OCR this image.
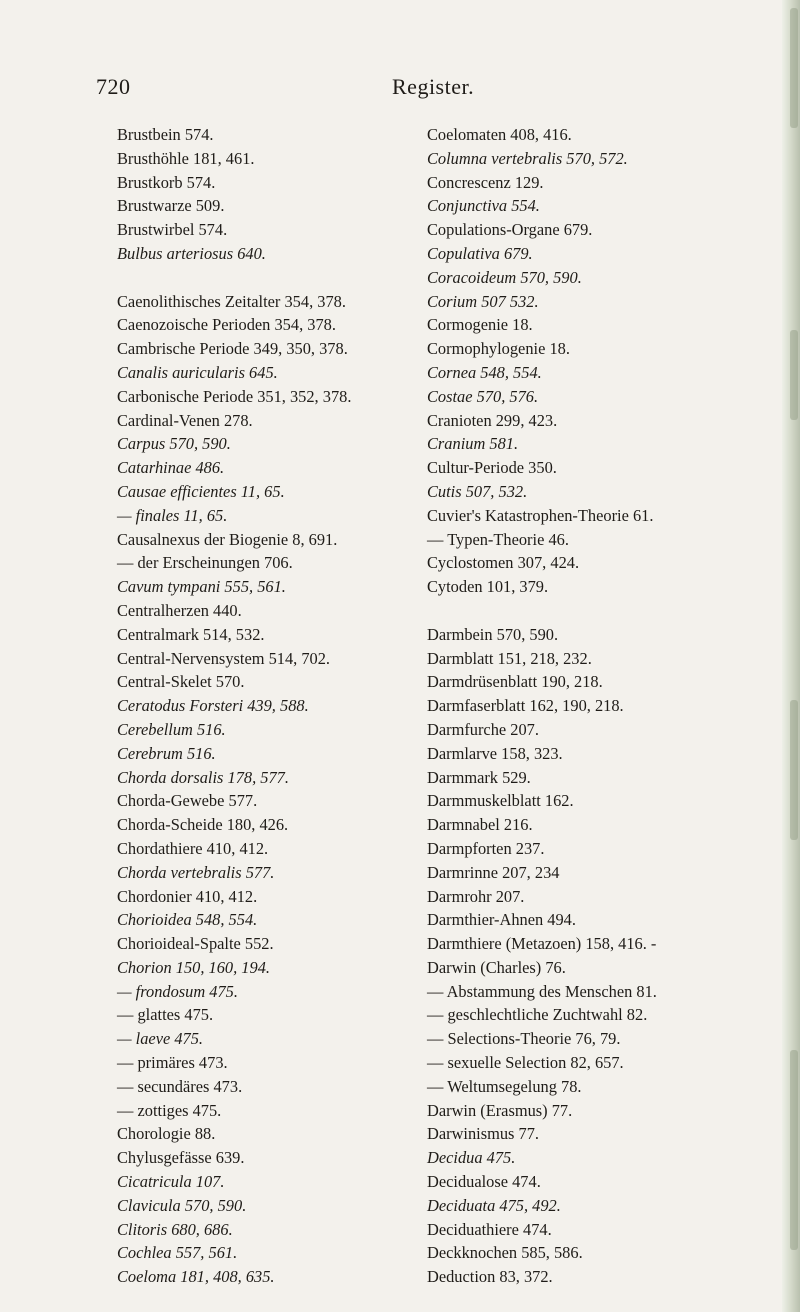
720	Register.
Brustbein 574.
Brusthöhle 181, 461.
Brustkorb 574.
Brustwarze 509.
Brustwirbel 574.
Bulbus arteriosus 640.
Caenolithisches Zeitalter 354, 378.
Caenozoische Perioden 354, 378.
Cambrische Periode 349, 350, 378.
Canalis auricularis 645.
Carbonische Periode 351, 352, 378.
Cardinal-Venen 278.
Carpus 570, 590.
Catarhinae 486.
Causae efficientes 11, 65.
— finales 11, 65.
Causalnexus der Biogenie 8, 691.
— der Erscheinungen 706.
Cavum tympani 555, 561.
Centralherzen 440.
Centralmark 514, 532.
Central-Nervensystem 514, 702.
Central-Skelet 570.
Ceratodus Forsteri 439, 588.
Cerebellum 516.
Cerebrum 516.
Chorda dorsalis 178, 577.
Chorda-Gewebe 577.
Chorda-Scheide 180, 426.
Chordathiere 410, 412.
Chorda vertebralis 577.
Chordonier 410, 412.
Chorioidea 548, 554.
Chorioideal-Spalte 552.
Chorion 150, 160, 194.
— frondosum 475.
— glattes 475.
— laeve 475.
— primäres 473.
— secundäres 473.
— zottiges 475.
Chorologie 88.
Chylusgefässe 639.
Cicatricula 107.
Clavicula 570, 590.
Clitoris 680, 686.
Cochlea 557, 561.
Coeloma 181, 408, 635.
Coelomaten 408, 416.
Columna vertebralis 570, 572.
Concrescenz 129.
Conjunctiva 554.
Copulations-Organe 679.
Copulativa 679.
Coracoideum 570, 590.
Corium 507 532.
Cormogenie 18.
Cormophylogenie 18.
Cornea 548, 554.
Costae 570, 576.
Cranioten 299, 423.
Cranium 581.
Cultur-Periode 350.
Cutis 507, 532.
Cuvier's Katastrophen-Theorie 61.
— Typen-Theorie 46.
Cyclostomen 307, 424.
Cytoden 101, 379.
Darmbein 570, 590.
Darmblatt 151, 218, 232.
Darmdrüsenblatt 190, 218.
Darmfaserblatt 162, 190, 218.
Darmfurche 207.
Darmlarve 158, 323.
Darmmark 529.
Darmmuskelblatt 162.
Darmnabel 216.
Darmpforten 237.
Darmrinne 207, 234
Darmrohr 207.
Darmthier-Ahnen 494.
Darmthiere (Metazoen) 158, 416. -
Darwin (Charles) 76.
— Abstammung des Menschen 81.
— geschlechtliche Zuchtwahl 82.
— Selections-Theorie 76, 79.
— sexuelle Selection 82, 657.
— Weltumsegelung 78.
Darwin (Erasmus) 77.
Darwinismus 77.
Decidua 475.
Decidualose 474.
Deciduata 475, 492.
Deciduathiere 474.
Deckknochen 585, 586.
Deduction 83, 372.
